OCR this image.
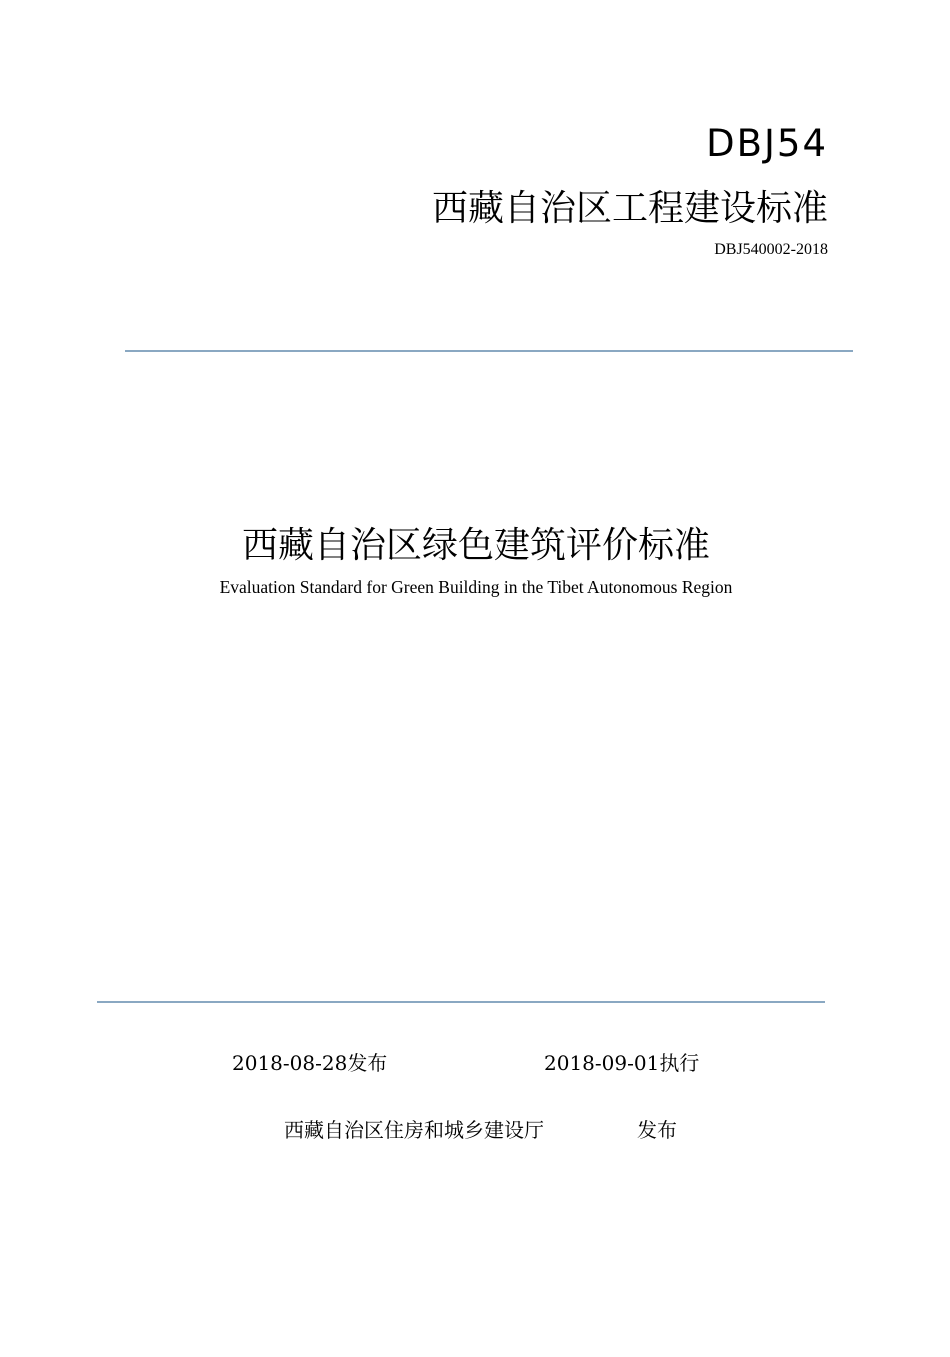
DBJ54
西藏自治区工程建设标准
DBJ540002-2018
西藏自治区绿色建筑评价标准
Evaluation Standard for Green Building in the Tibet Autonomous Region
2018-08-28发布	2018-09-01执行
西藏自治区住房和城乡建设厅	发布
